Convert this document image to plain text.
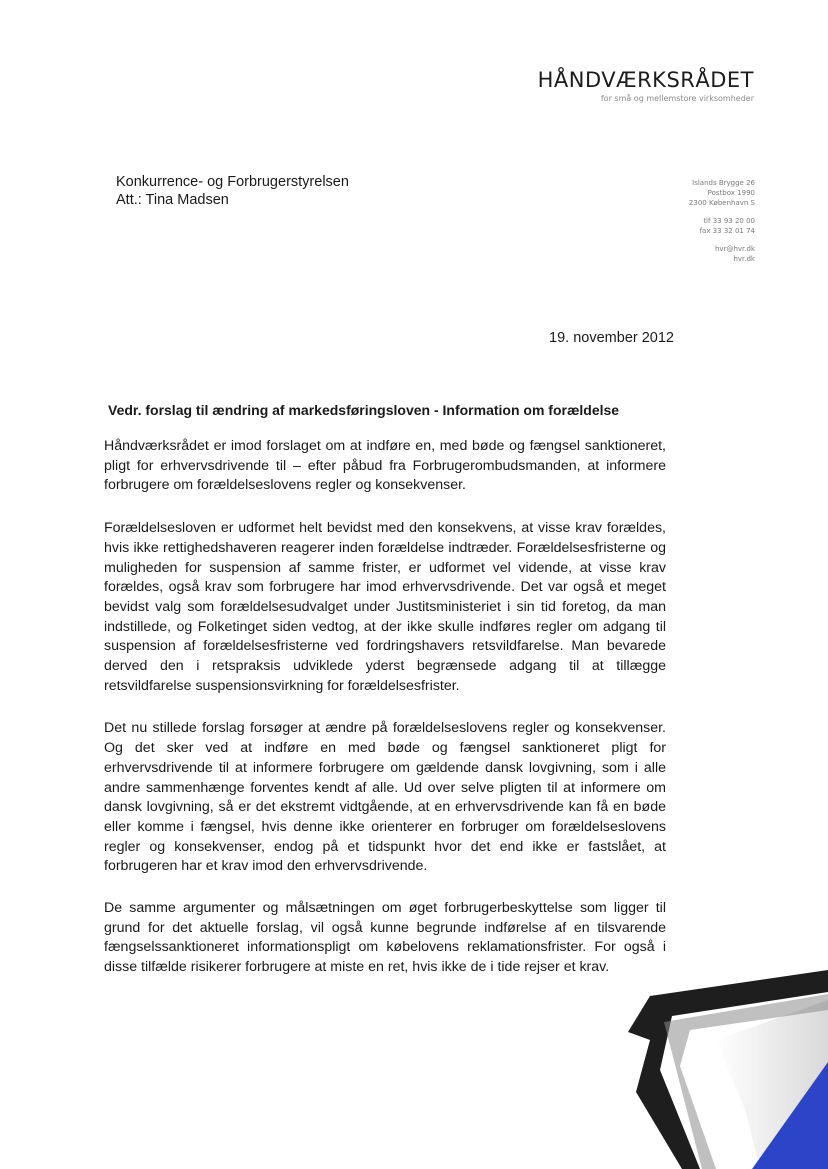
HÅNDVÆRKSRÅDET
for små og mellemstore virksomheder
Konkurrence- og Forbrugerstyrelsen
Att.: Tina Madsen
Islands Brygge 26
Postbox 1990
2300 København S
tlf 33 93 20 00
fax 33 32 01 74
hvr@hvr.dk
hvr.dk
19. november 2012
Vedr. forslag til ændring af markedsføringsloven - Information om forældelse

Håndværksrådet er imod forslaget om at indføre en, med bøde og fængsel sanktioneret, pligt for erhvervsdrivende til – efter påbud fra Forbrugerombudsmanden, at informere forbrugere om forældelseslovens regler og konsekvenser.

Forældelsesloven er udformet helt bevidst med den konsekvens, at visse krav forældes, hvis ikke rettighedshaveren reagerer inden forældelse indtræder. Forældelsesfristerne og muligheden for suspension af samme frister, er udformet vel vidende, at visse krav forældes, også krav som forbrugere har imod erhvervsdrivende. Det var også et meget bevidst valg som forældelsesudvalget under Justitsministeriet i sin tid foretog, da man indstillede, og Folketinget siden vedtog, at der ikke skulle indføres regler om adgang til suspension af forældelsesfristerne ved fordringshavers retsvildfarelse. Man bevarede derved den i retspraksis udviklede yderst begrænsede adgang til at tillægge retsvildfarelse suspensionsvirkning for forældelsesfrister.

Det nu stillede forslag forsøger at ændre på forældelseslovens regler og konsekvenser. Og det sker ved at indføre en med bøde og fængsel sanktioneret pligt for erhvervsdrivende til at informere forbrugere om gældende dansk lovgivning, som i alle andre sammenhænge forventes kendt af alle. Ud over selve pligten til at informere om dansk lovgivning, så er det ekstremt vidtgående, at en erhvervsdrivende kan få en bøde eller komme i fængsel, hvis denne ikke orienterer en forbruger om forældelseslovens regler og konsekvenser, endog på et tidspunkt hvor det end ikke er fastslået, at forbrugeren har et krav imod den erhvervsdrivende.

De samme argumenter og målsætningen om øget forbrugerbeskyttelse som ligger til grund for det aktuelle forslag, vil også kunne begrunde indførelse af en tilsvarende fængselssanktioneret informationspligt om købelovens reklamationsfrister. For også i disse tilfælde risikerer forbrugere at miste en ret, hvis ikke de i tide rejser et krav.
